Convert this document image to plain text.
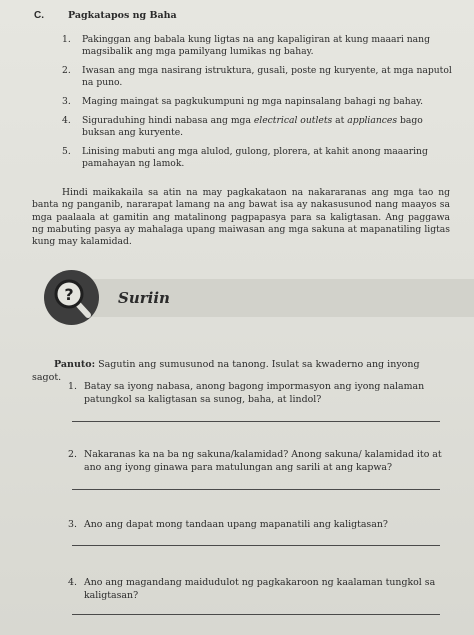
C.	Pagkatapos ng Baha
1. Pakinggan ang babala kung ligtas na ang kapaligiran at kung maaari nang magsibalik ang mga pamilyang lumikas ng bahay.
2. Iwasan ang mga nasirang istruktura, gusali, poste ng kuryente, at mga naputol na puno.
3. Maging maingat sa pagkukumpuni ng mga napinsalang bahagi ng bahay.
4. Siguraduhing hindi nabasa ang mga electrical outlets at appliances bago buksan ang kuryente.
5. Linising mabuti ang mga alulod, gulong, plorera, at kahit anong maaaring pamahayan ng lamok.

Hindi maikakaila sa atin na may pagkakataon na nakararanas ang mga tao ng banta ng panganib, nararapat lamang na ang bawat isa ay nakasusunod nang maayos sa mga paalaala at gamitin ang matalinong pagpapasya para sa kaligtasan. Ang paggawa ng mabuting pasya ay mahalaga upang maiwasan ang mga sakuna at mapanatiling ligtas kung may kalamidad.

?	Suriin

Panuto: Sagutin ang sumusunod na tanong. Isulat sa kwaderno ang inyong sagot.

1. Batay sa iyong nabasa, anong bagong impormasyon ang iyong nalaman patungkol sa kaligtasan sa sunog, baha, at lindol?
2. Nakaranas ka na ba ng sakuna/kalamidad? Anong sakuna/ kalamidad ito at ano ang iyong ginawa para matulungan ang sarili at ang kapwa?
3. Ano ang dapat mong tandaan upang mapanatili ang kaligtasan?
4. Ano ang magandang maidudulot ng pagkakaroon ng kaalaman tungkol sa kaligtasan?
